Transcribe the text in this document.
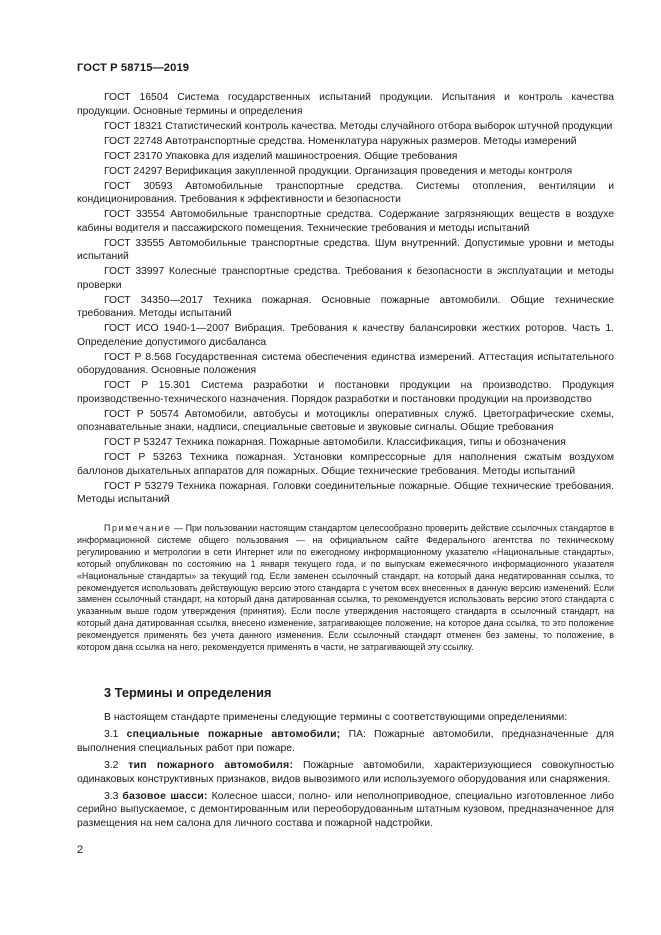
ГОСТ Р 58715—2019

ГОСТ 16504 Система государственных испытаний продукции. Испытания и контроль качества продукции. Основные термины и определения

ГОСТ 18321 Статистический контроль качества. Методы случайного отбора выборок штучной продукции

ГОСТ 22748 Автотранспортные средства. Номенклатура наружных размеров. Методы измерений

ГОСТ 23170 Упаковка для изделий машиностроения. Общие требования

ГОСТ 24297 Верификация закупленной продукции. Организация проведения и методы контроля

ГОСТ 30593 Автомобильные транспортные средства. Системы отопления, вентиляции и кондиционирования. Требования к эффективности и безопасности

ГОСТ 33554 Автомобильные транспортные средства. Содержание загрязняющих веществ в воздухе кабины водителя и пассажирского помещения. Технические требования и методы испытаний

ГОСТ 33555 Автомобильные транспортные средства. Шум внутренний. Допустимые уровни и методы испытаний

ГОСТ 33997 Колесные транспортные средства. Требования к безопасности в эксплуатации и методы проверки

ГОСТ 34350—2017 Техника пожарная. Основные пожарные автомобили. Общие технические требования. Методы испытаний

ГОСТ ИСО 1940-1—2007 Вибрация. Требования к качеству балансировки жестких роторов. Часть 1. Определение допустимого дисбаланса

ГОСТ Р 8.568 Государственная система обеспечения единства измерений. Аттестация испытательного оборудования. Основные положения

ГОСТ Р 15.301 Система разработки и постановки продукции на производство. Продукция производственно-технического назначения. Порядок разработки и постановки продукции на производство

ГОСТ Р 50574 Автомобили, автобусы и мотоциклы оперативных служб. Цветографические схемы, опознавательные знаки, надписи, специальные световые и звуковые сигналы. Общие требования

ГОСТ Р 53247 Техника пожарная. Пожарные автомобили. Классификация, типы и обозначения

ГОСТ Р 53263 Техника пожарная. Установки компрессорные для наполнения сжатым воздухом баллонов дыхательных аппаратов для пожарных. Общие технические требования. Методы испытаний

ГОСТ Р 53279 Техника пожарная. Головки соединительные пожарные. Общие технические требования. Методы испытаний

Примечание — При пользовании настоящим стандартом целесообразно проверить действие ссылочных стандартов в информационной системе общего пользования — на официальном сайте Федерального агентства по техническому регулированию и метрологии в сети Интернет или по ежегодному информационному указателю «Национальные стандарты», который опубликован по состоянию на 1 января текущего года, и по выпускам ежемесячного информационного указателя «Национальные стандарты» за текущий год. Если заменен ссылочный стандарт, на который дана недатированная ссылка, то рекомендуется использовать действующую версию этого стандарта с учетом всех внесенных в данную версию изменений. Если заменен ссылочный стандарт, на который дана датированная ссылка, то рекомендуется использовать версию этого стандарта с указанным выше годом утверждения (принятия). Если после утверждения настоящего стандарта в ссылочный стандарт, на который дана датированная ссылка, внесено изменение, затрагивающее положение, на которое дана ссылка, то это положение рекомендуется применять без учета данного изменения. Если ссылочный стандарт отменен без замены, то положение, в котором дана ссылка на него, рекомендуется применять в части, не затрагивающей эту ссылку.

3 Термины и определения

В настоящем стандарте применены следующие термины с соответствующими определениями:

3.1 специальные пожарные автомобили; ПА: Пожарные автомобили, предназначенные для выполнения специальных работ при пожаре.

3.2 тип пожарного автомобиля: Пожарные автомобили, характеризующиеся совокупностью одинаковых конструктивных признаков, видов вывозимого или используемого оборудования или снаряжения.

3.3 базовое шасси: Колесное шасси, полно- или неполноприводное, специально изготовленное либо серийно выпускаемое, с демонтированным или переоборудованным штатным кузовом, предназначенное для размещения на нем салона для личного состава и пожарной надстройки.

2
